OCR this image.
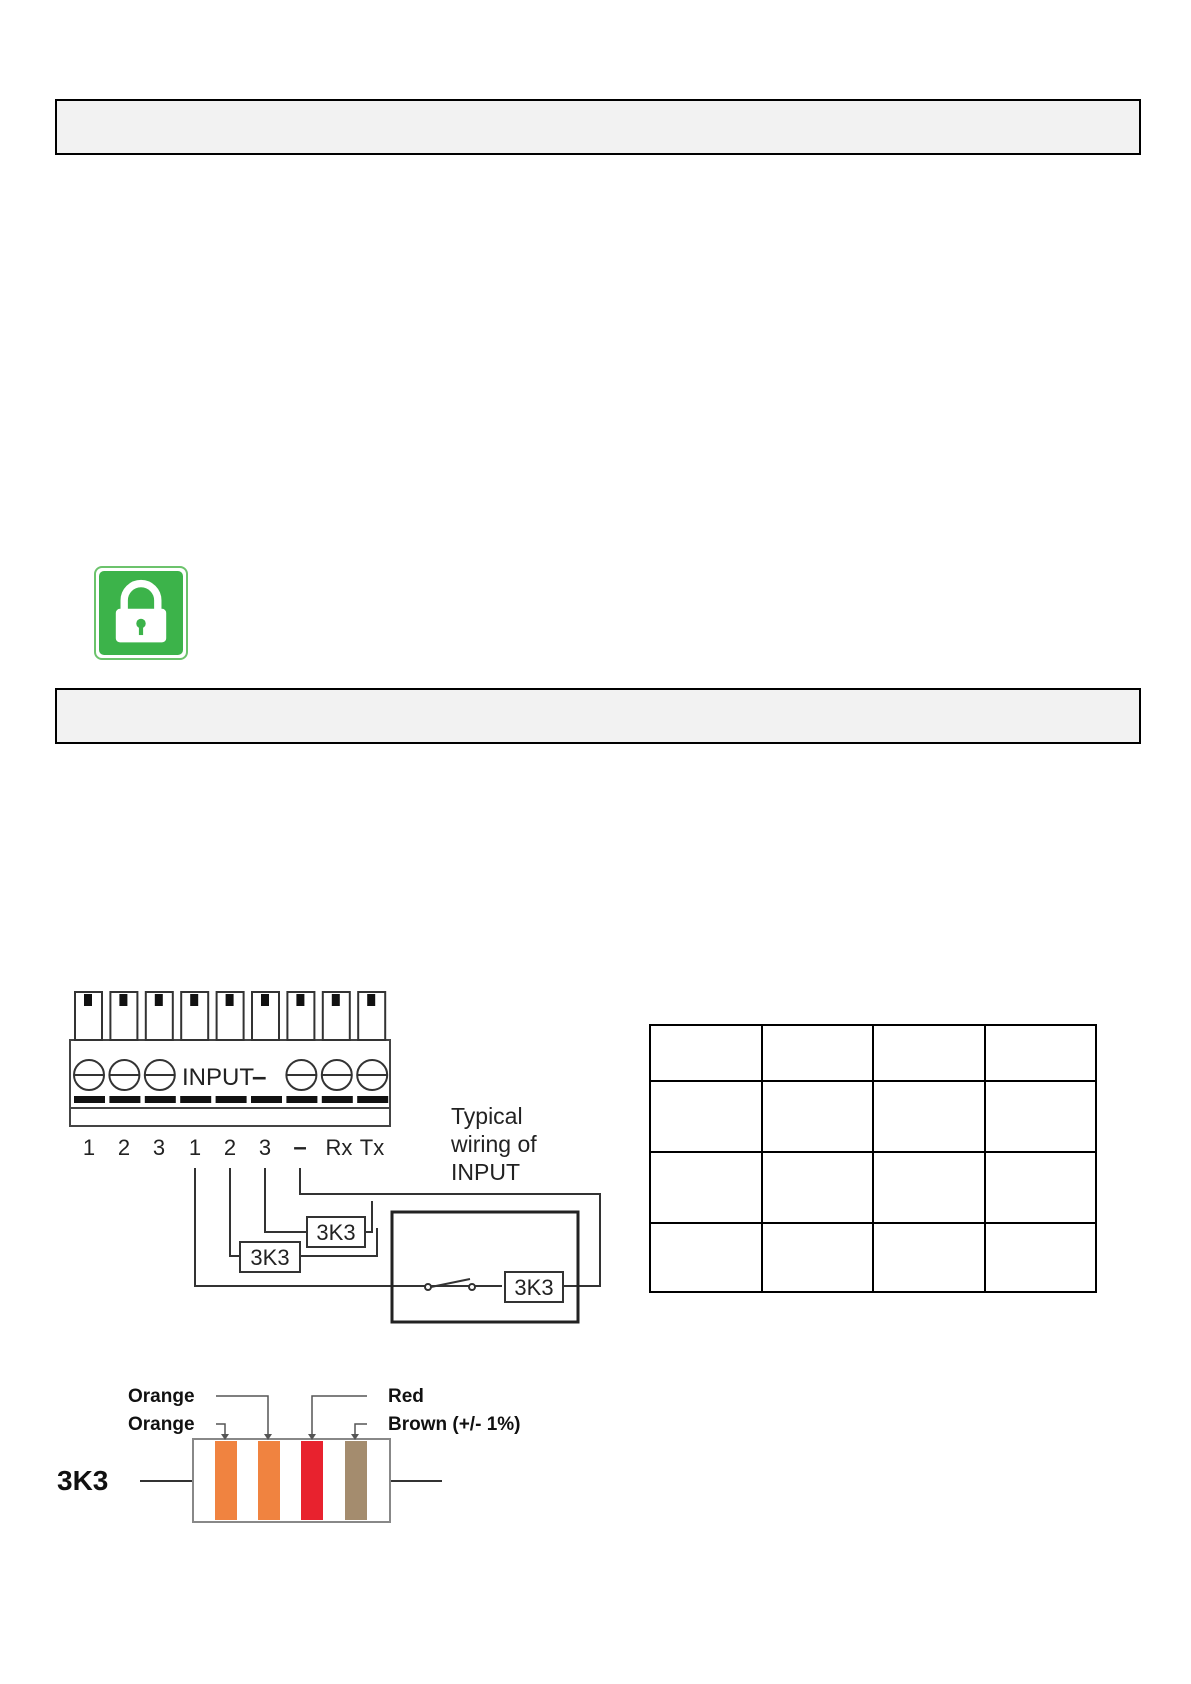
INPUT
–
1 2 3 1 2 3 – Rx Tx
Typical
wiring of
INPUT
3K3
3K3
3K3
3K3
Orange
Orange
Red
Brown (+/- 1%)
